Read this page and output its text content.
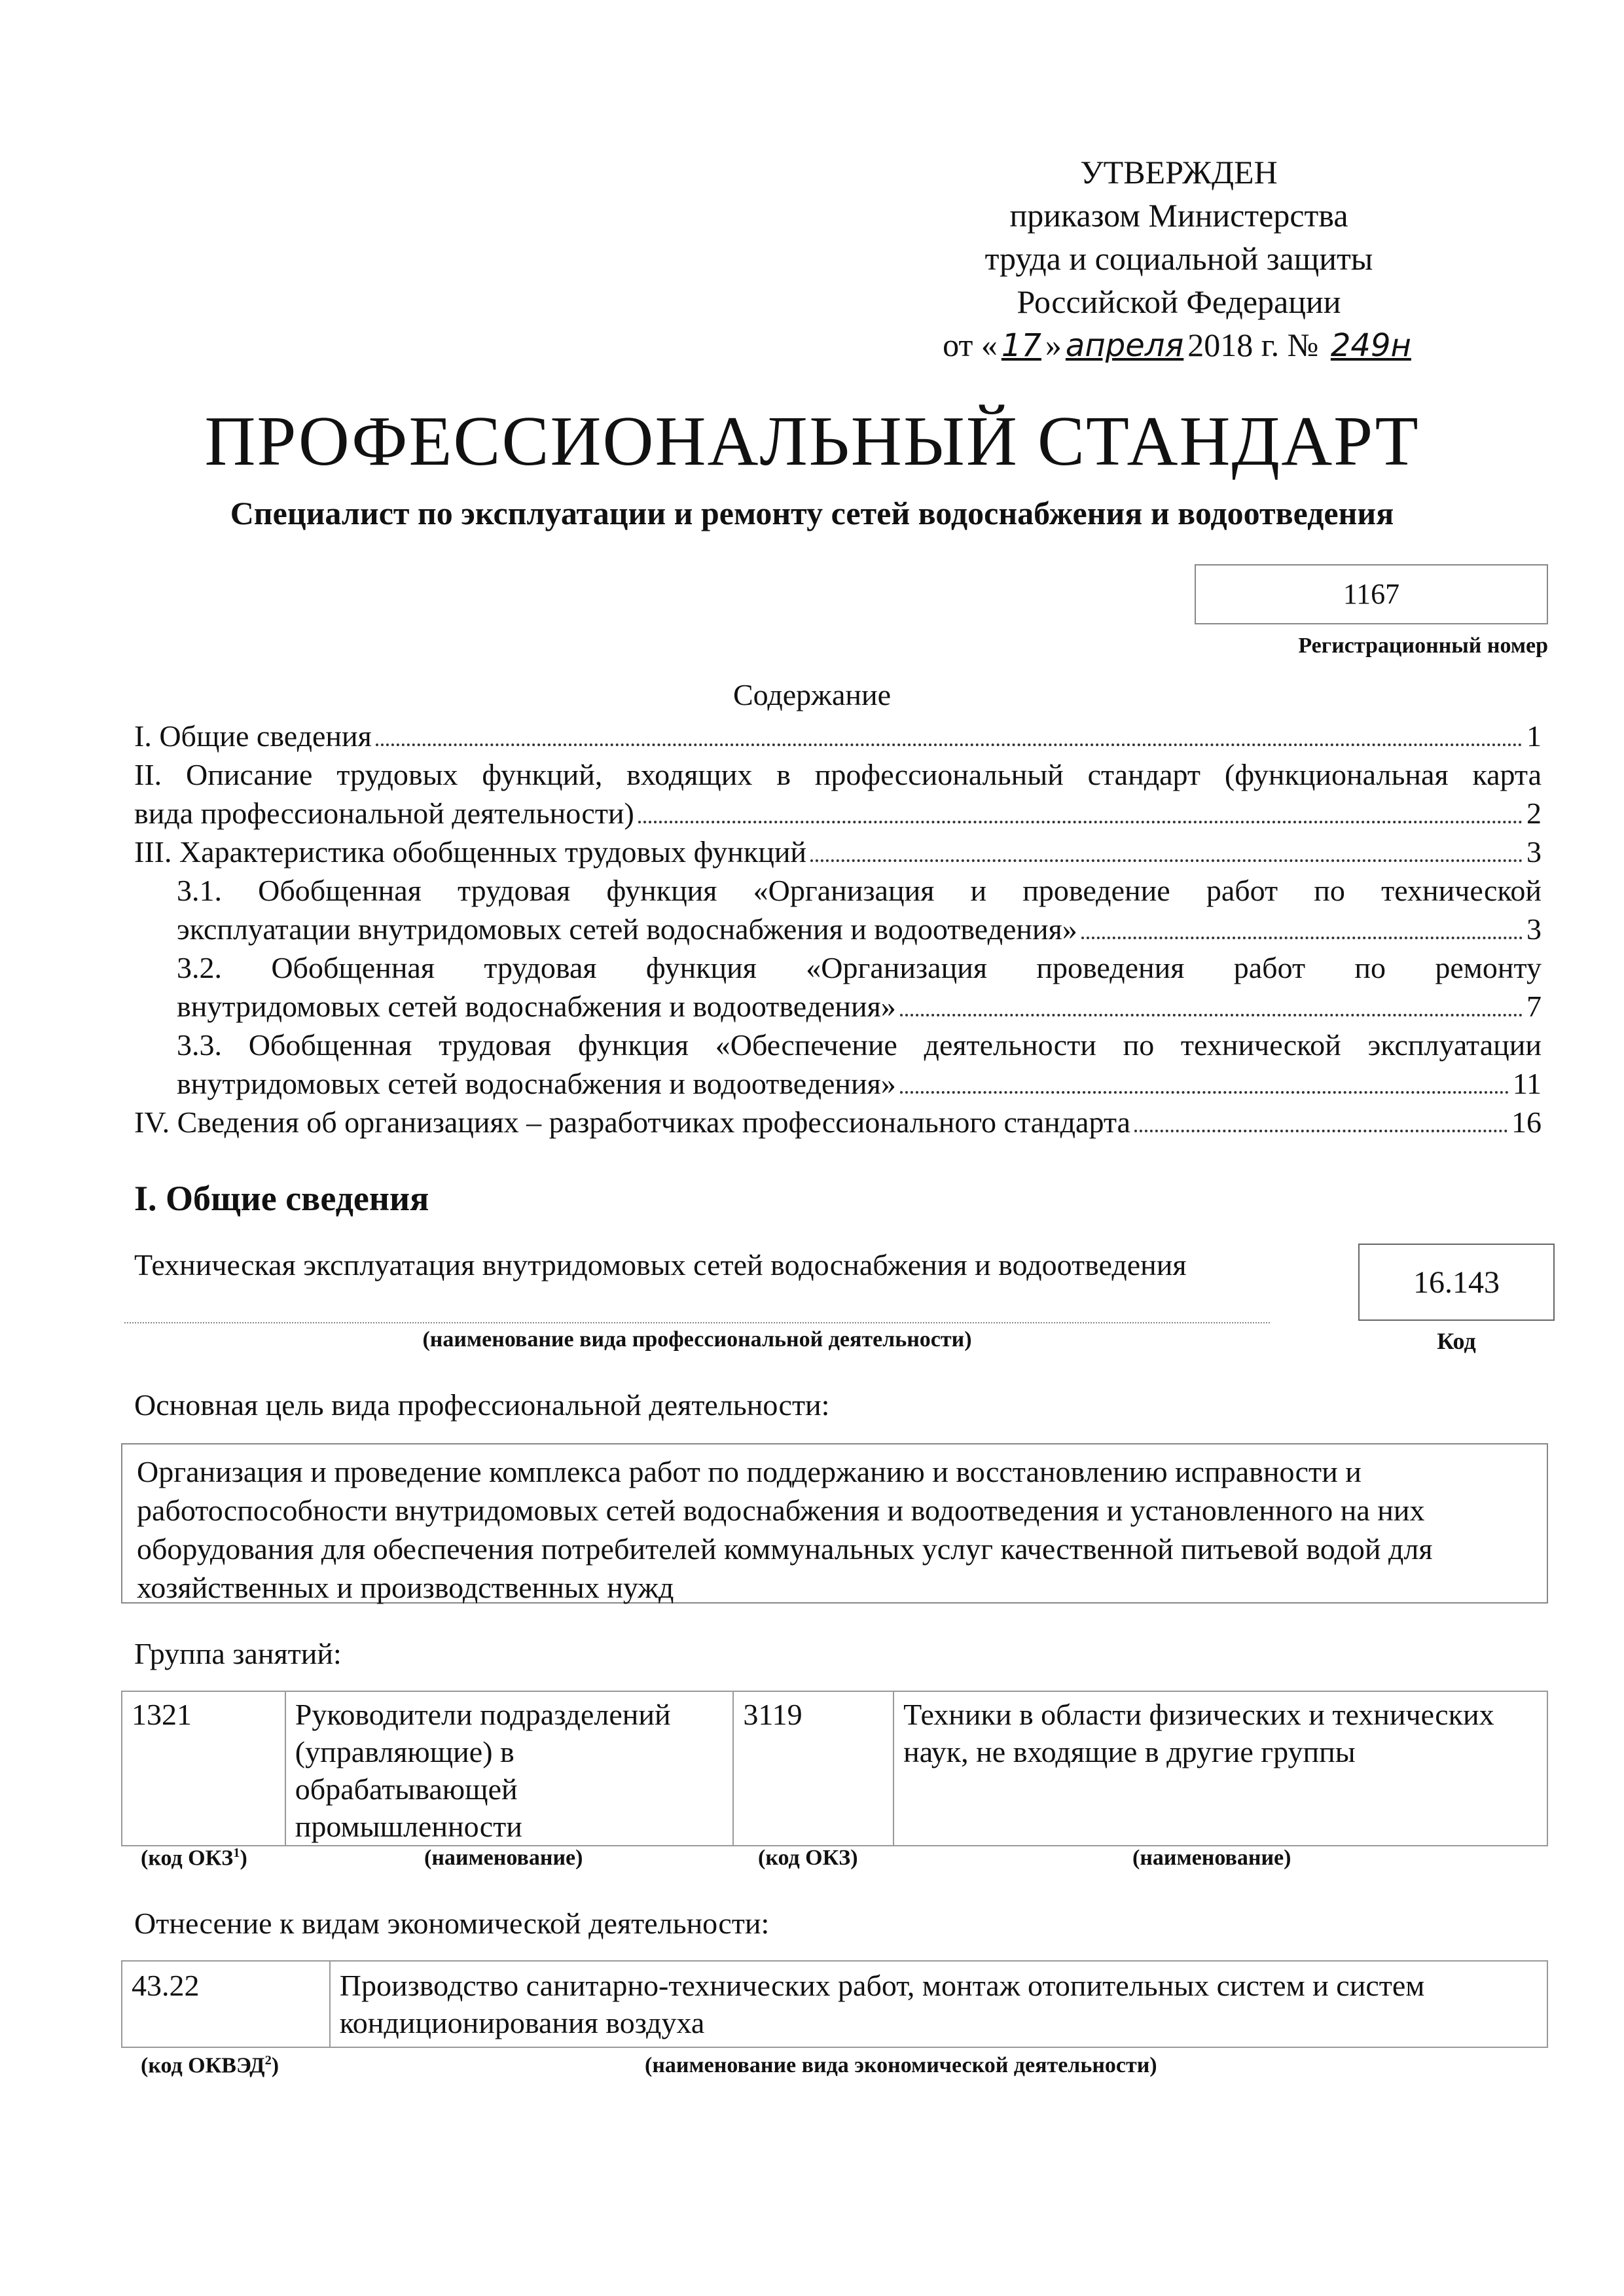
УТВЕРЖДЕН
приказом Министерства
труда и социальной защиты
Российской Федерации
от « 17 » апреля 2018 г. № 249н
ПРОФЕССИОНАЛЬНЫЙ СТАНДАРТ
Специалист по эксплуатации и ремонту сетей водоснабжения и водоотведения
1167
Регистрационный номер
Содержание
I. Общие сведения	1
II. Описание трудовых функций, входящих в профессиональный стандарт (функциональная карта
вида профессиональной деятельности)	2
III. Характеристика обобщенных трудовых функций	3
3.1. Обобщенная трудовая функция «Организация и проведение работ по технической
эксплуатации внутридомовых сетей водоснабжения и водоотведения»	3
3.2. Обобщенная трудовая функция «Организация проведения работ по ремонту
внутридомовых сетей водоснабжения и водоотведения»	7
3.3. Обобщенная трудовая функция «Обеспечение деятельности по технической эксплуатации
внутридомовых сетей водоснабжения и водоотведения»	11
IV. Сведения об организациях – разработчиках профессионального стандарта	16
I. Общие сведения
Техническая эксплуатация внутридомовых сетей водоснабжения и водоотведения
(наименование вида профессиональной деятельности)
16.143
Код
Основная цель вида профессиональной деятельности:
Организация и проведение комплекса работ по поддержанию и восстановлению исправности и работоспособности внутридомовых сетей водоснабжения и водоотведения и установленного на них оборудования для обеспечения потребителей коммунальных услуг качественной питьевой водой для хозяйственных и производственных нужд
Группа занятий:
1321	Руководители подразделений (управляющие) в обрабатывающей промышленности	3119	Техники в области физических и технических наук, не входящие в другие группы
(код ОКЗ$^1$)	(наименование)	(код ОКЗ)	(наименование)
Отнесение к видам экономической деятельности:
43.22	Производство санитарно-технических работ, монтаж отопительных систем и систем кондиционирования воздуха
(код ОКВЭД$^2$)	(наименование вида экономической деятельности)
